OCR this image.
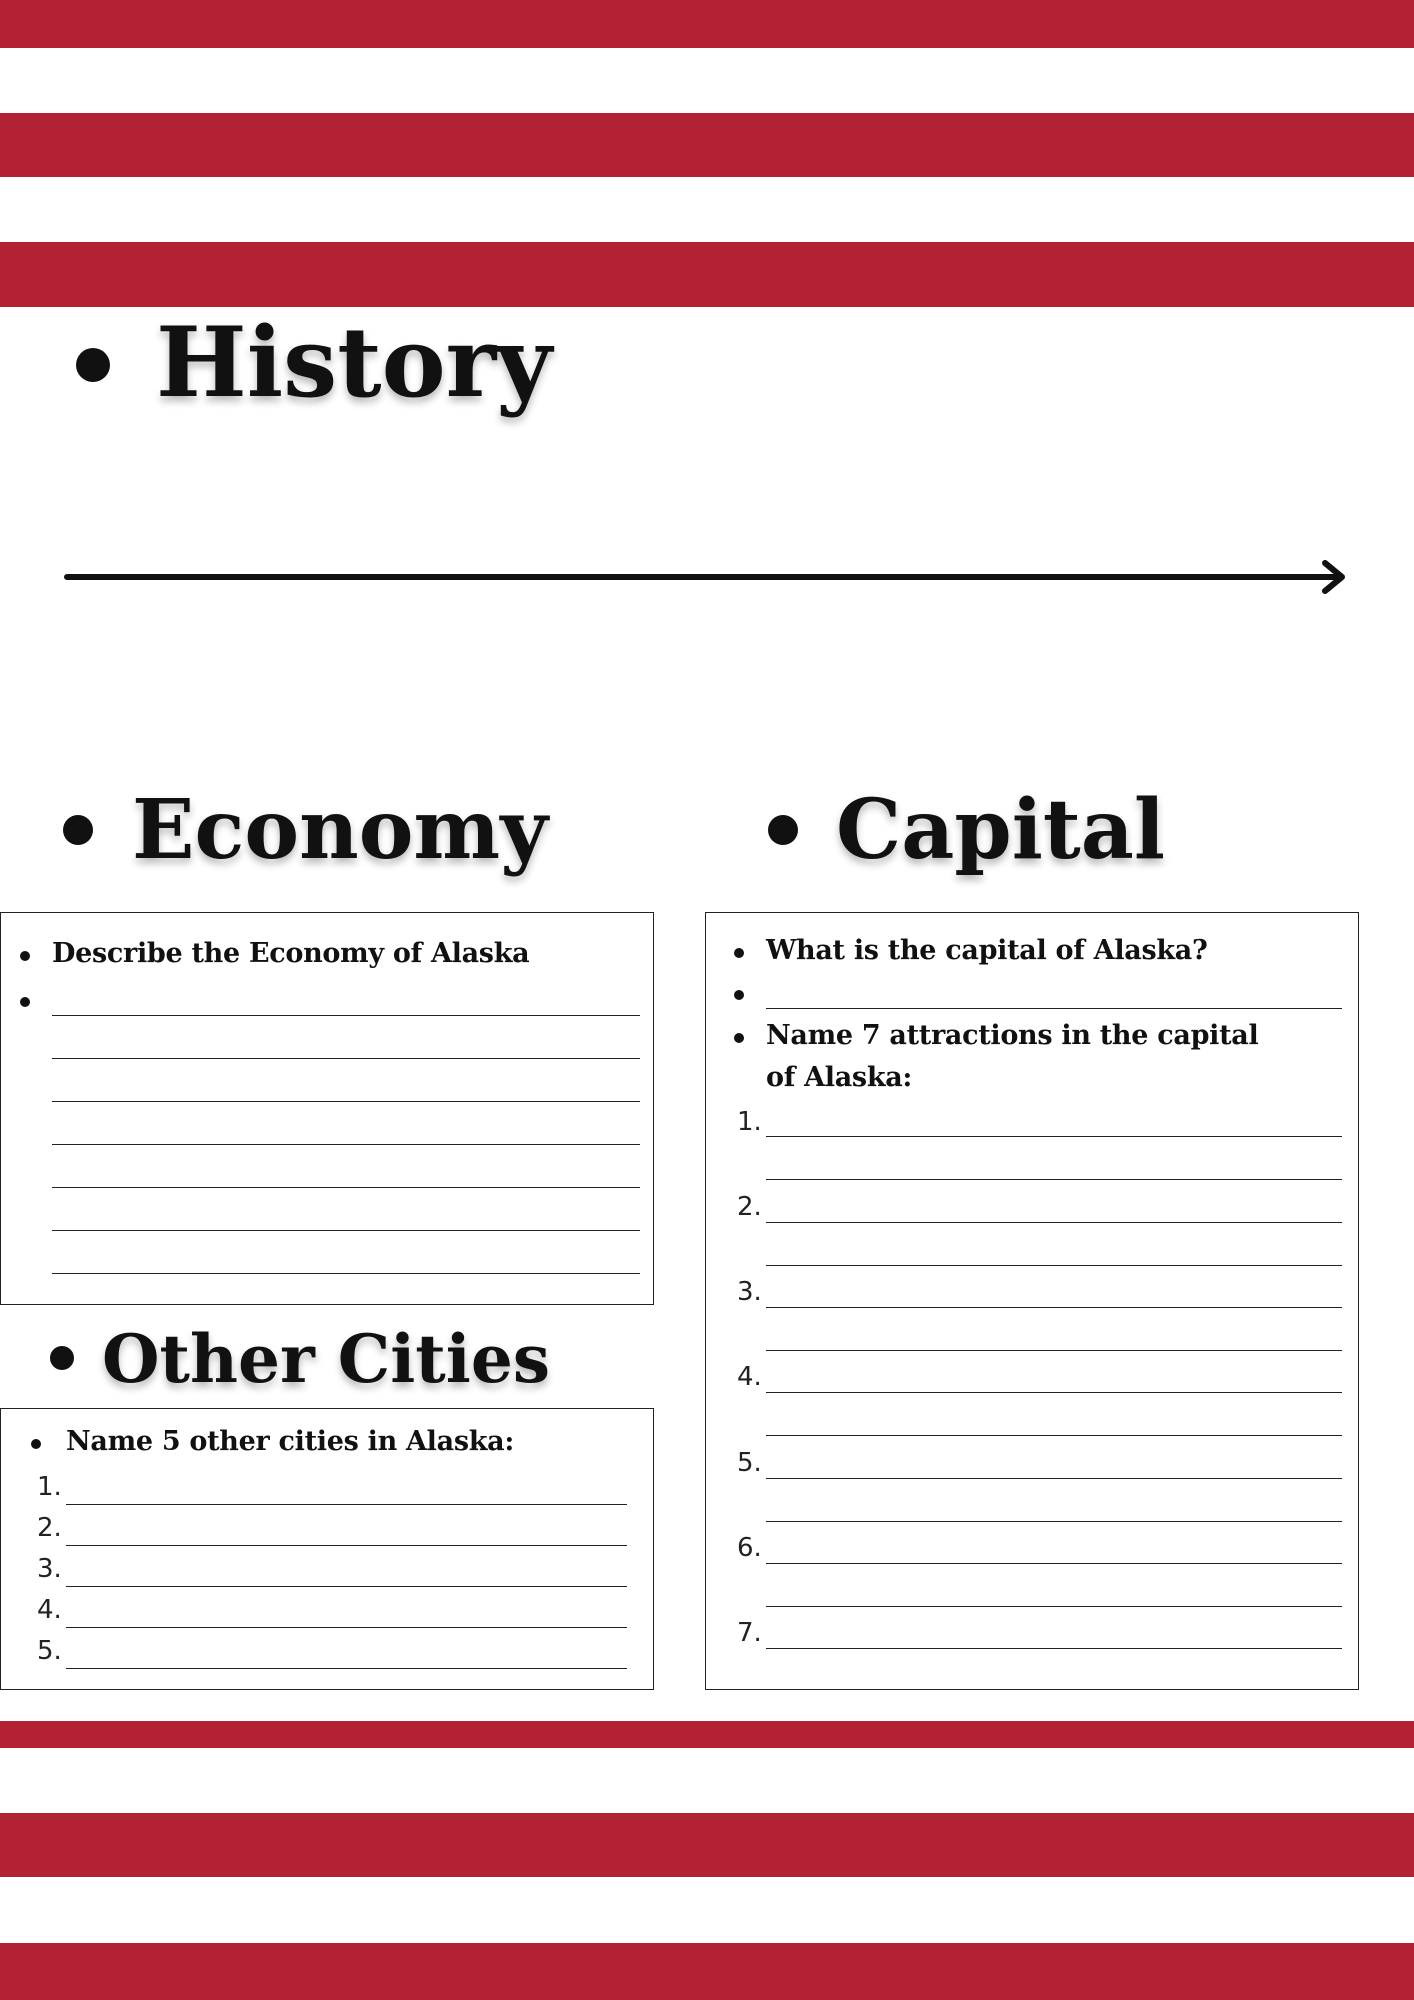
History
Economy	Capital
Describe the Economy of Alaska
Other Cities
Name 5 other cities in Alaska:
1.
2.
3.
4.
5.
What is the capital of Alaska?
Name 7 attractions in the capital
of Alaska:
1.
2.
3.
4.
5.
6.
7.
